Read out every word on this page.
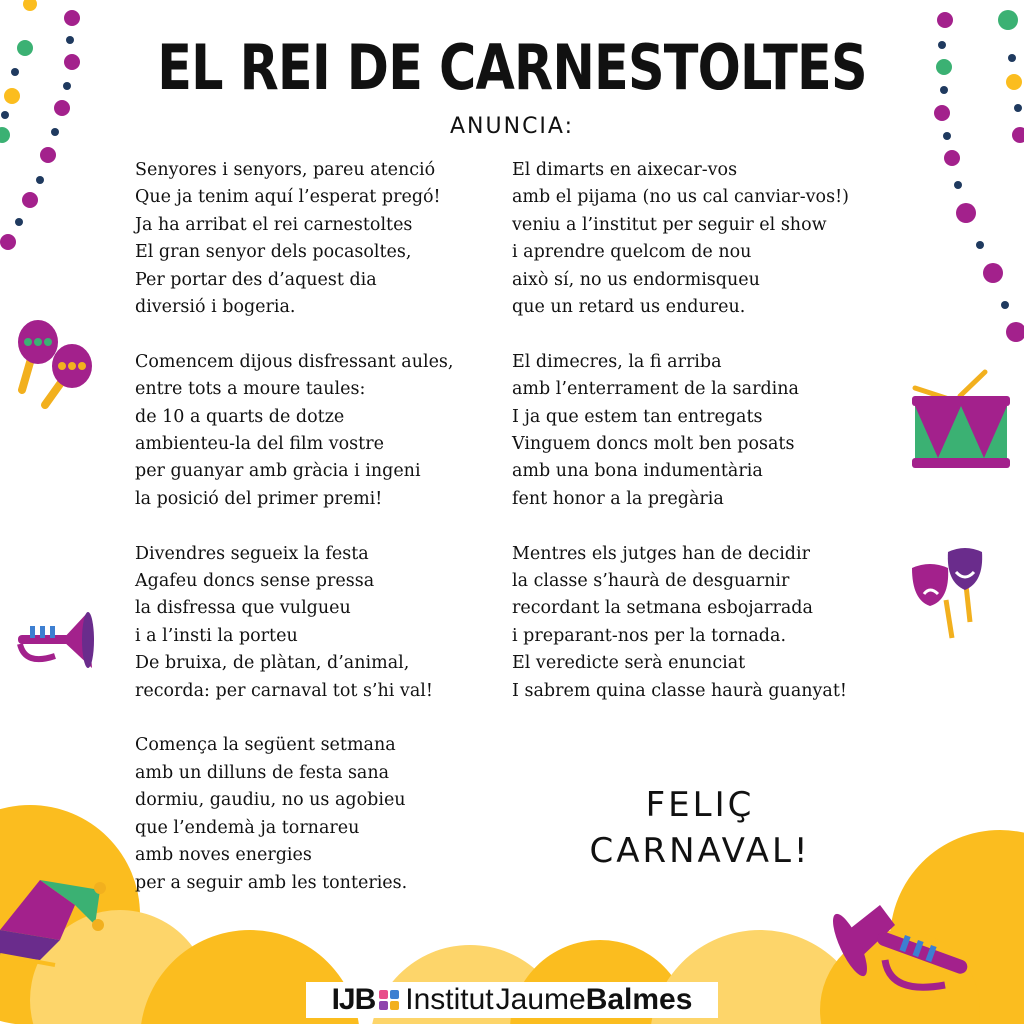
EL REI DE CARNESTOLTES
ANUNCIA:
Senyores i senyors, pareu atenció
Que ja tenim aquí l’esperat pregó!
Ja ha arribat el rei carnestoltes
El gran senyor dels pocasoltes,
Per portar des d’aquest dia
diversió i bogeria.
Comencem dijous disfressant aules,
entre tots a moure taules:
de 10 a quarts de dotze
ambienteu-la del film vostre
per guanyar amb gràcia i ingeni
la posició del primer premi!
Divendres segueix la festa
Agafeu doncs sense pressa
la disfressa que vulgueu
i a l’insti la porteu
De bruixa, de plàtan, d’animal,
recorda: per carnaval tot s’hi val!
Comença la següent setmana
amb un dilluns de festa sana
dormiu, gaudiu, no us agobieu
que l’endemà ja tornareu
amb noves energies
per a seguir amb les tonteries.
El dimarts en aixecar-vos
amb el pijama (no us cal canviar-vos!)
veniu a l’institut per seguir el show
i aprendre quelcom de nou
això sí, no us endormisqueu
que un retard us endureu.
El dimecres, la fi arriba
amb l’enterrament de la sardina
I ja que estem tan entregats
Vinguem doncs molt ben posats
amb una bona indumentària
fent honor a la pregària
Mentres els jutges han de decidir
la classe s’haurà de desguarnir
recordant la setmana esbojarrada
i preparant-nos per la tornada.
El veredicte serà enunciat
I sabrem quina classe haurà guanyat!
FELIÇ
CARNAVAL!
IJB Institut Jaume Balmes
